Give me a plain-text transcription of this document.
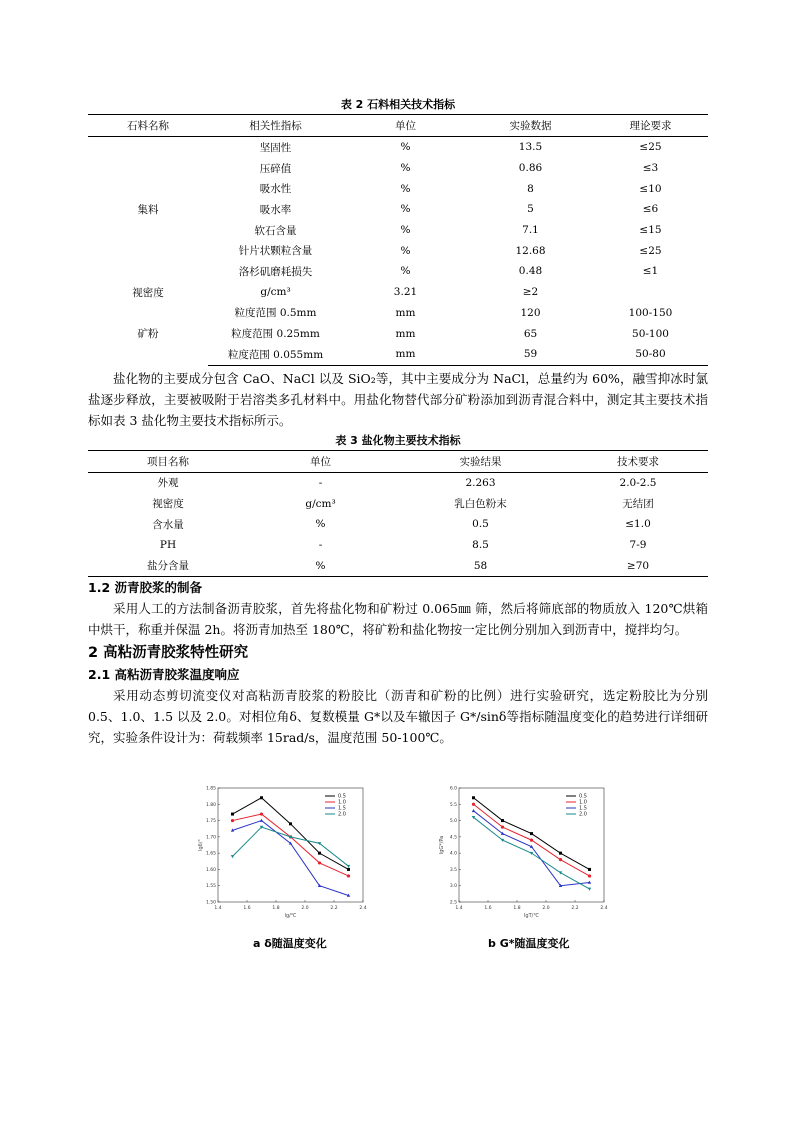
表 2 石料相关技术指标
石料名称	相关性指标	单位	实验数据	理论要求
集料	坚固性	%	13.5	≤25
	压碎值	%	0.86	≤3
	吸水性	%	8	≤10
	吸水率	%	5	≤6
	软石含量	%	7.1	≤15
	针片状颗粒含量	%	12.68	≤25
	洛杉矶磨耗损失	%	0.48	≤1
视密度	g/cm³	3.21	≥2	
矿粉	粒度范围 0.5mm	mm	120	100-150
	粒度范围 0.25mm	mm	65	50-100
	粒度范围 0.055mm	mm	59	50-80

盐化物的主要成分包含 CaO、NaCl 以及 SiO₂等，其中主要成分为 NaCl，总量约为 60%，融雪抑冰时氯盐逐步释放，主要被吸附于岩溶类多孔材料中。用盐化物替代部分矿粉添加到沥青混合料中，测定其主要技术指标如表 3 盐化物主要技术指标所示。

表 3 盐化物主要技术指标
项目名称	单位	实验结果	技术要求
外观	-	2.263	2.0-2.5
视密度	g/cm³	乳白色粉末	无结团
含水量	%	0.5	≤1.0
PH	-	8.5	7-9
盐分含量	%	58	≥70

1.2 沥青胶浆的制备

采用人工的方法制备沥青胶浆，首先将盐化物和矿粉过 0.065㎜ 筛，然后将筛底部的物质放入 120℃烘箱中烘干，称重并保温 2h。将沥青加热至 180℃，将矿粉和盐化物按一定比例分别加入到沥青中，搅拌均匀。

2 高粘沥青胶浆特性研究

2.1 高粘沥青胶浆温度响应

采用动态剪切流变仪对高粘沥青胶浆的粉胶比（沥青和矿粉的比例）进行实验研究，选定粉胶比为分别 0.5、1.0、1.5 以及 2.0。对相位角δ、复数模量 G*以及车辙因子 G*/sinδ等指标随温度变化的趋势进行详细研究，实验条件设计为：荷载频率 15rad/s，温度范围 50-100℃。

1.4	1.6	1.8	2.0	2.2	2.4
1.50
1.55
1.60
1.65
1.70
1.75
1.80
1.85
lg/℃
lgδ/°
0.5
1.0
1.5
2.0
a δ随温度变化
1.4	1.6	1.8	2.0	2.2	2.4
2.5
3.0
3.5
4.0
4.5
5.0
5.5
6.0
lgT/℃
lgG*/Pa
0.5
1.0
1.5
2.0
b G*随温度变化
